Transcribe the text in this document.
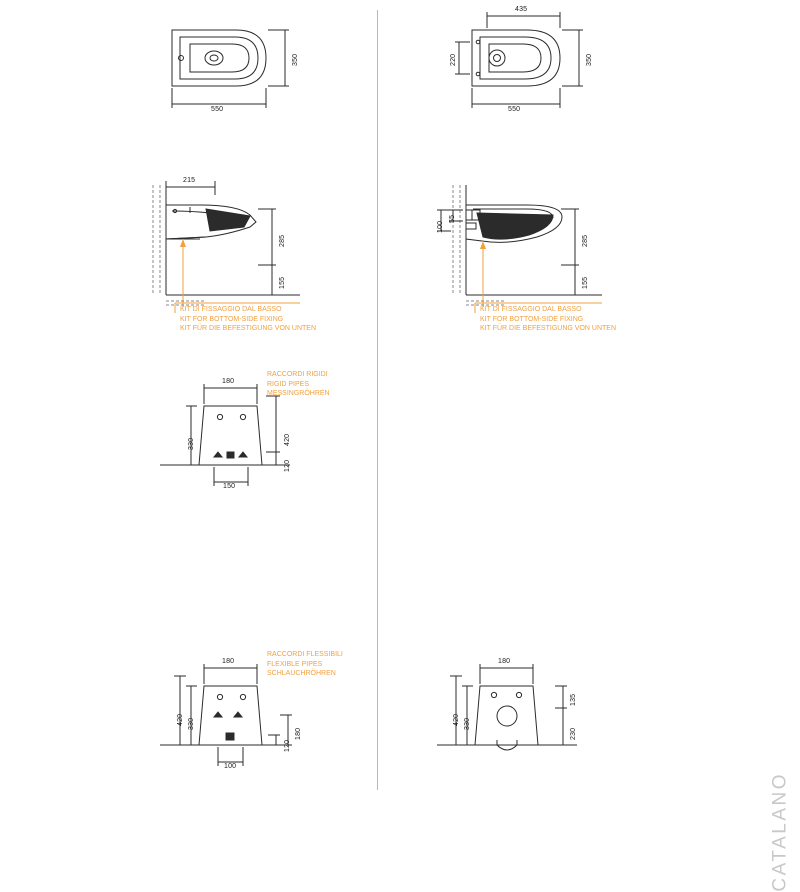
550
350
435
550
350
220
215
285
155
KIT DI FISSAGGIO DAL BASSO
KIT FOR BOTTOM-SIDE FIXING
KIT FÜR DIE BEFESTIGUNG VON UNTEN
55
100
285
155
KIT DI FISSAGGIO DAL BASSO
KIT FOR BOTTOM-SIDE FIXING
KIT FÜR DIE BEFESTIGUNG VON UNTEN
RACCORDI RIGIDI
RIGID PIPES
MESSINGRÖHREN
180
150
330	420
120
RACCORDI FLESSIBILI
FLEXIBLE PIPES
SCHLAUCHRÖHREN
180
100
420 330
180
120
180
420 330
135
230
CATALANO
